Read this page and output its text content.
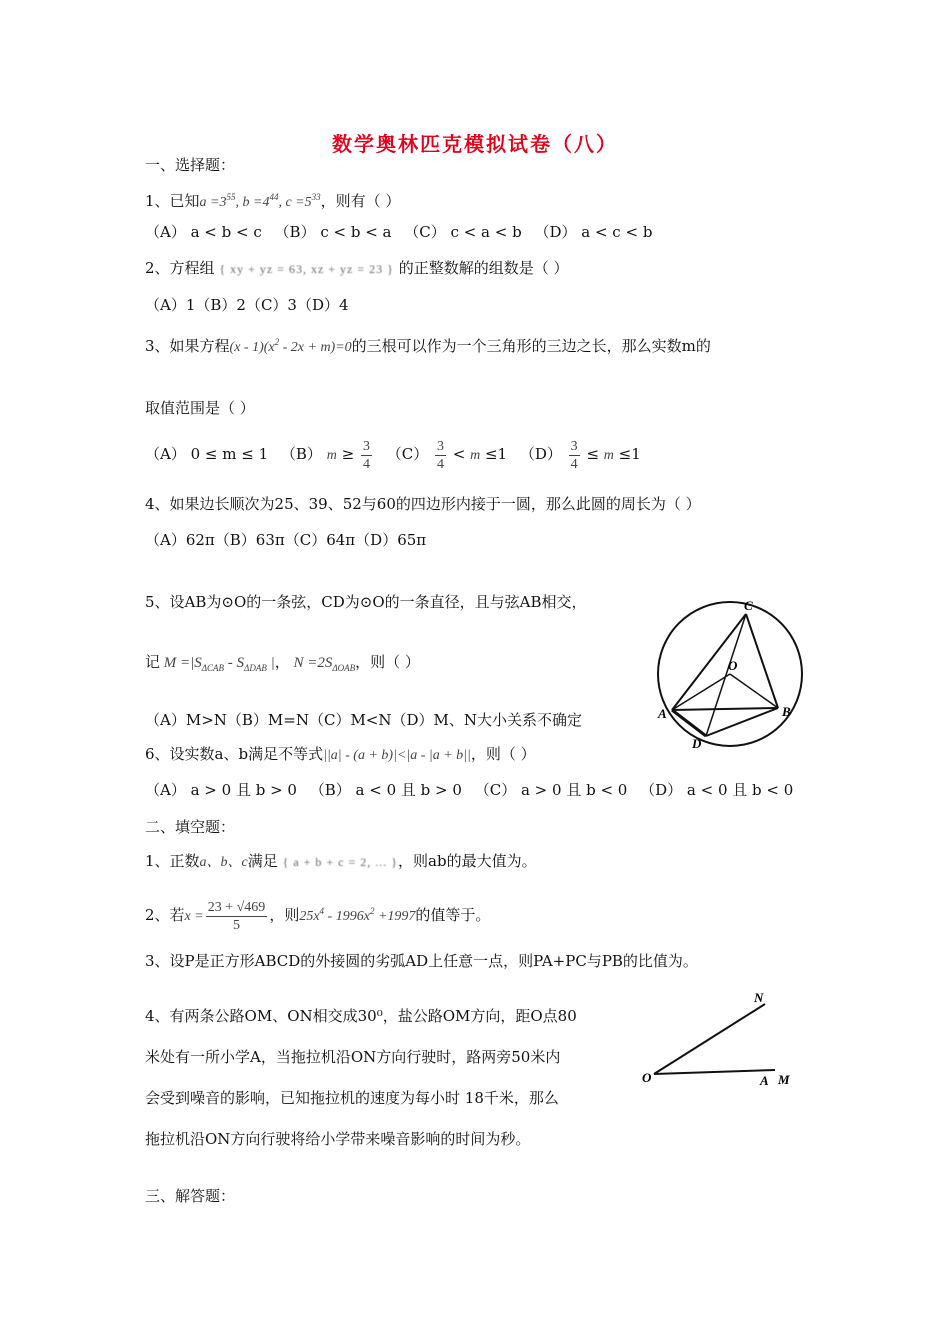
数学奥林匹克模拟试卷（八）
一、选择题：
1、已知$a =3^{55}$, $b =4^{44}$, $c =5^{33}$，则有（ ）
（A） a < b < c （B） c < b < a （C） c < a < b （D） a < c < b
2、方程组 { xy + yz = 63, xz + yz = 23 } 的正整数解的组数是（ ）
（A）1（B）2（C）3（D）4
3、如果方程$(x - 1)(x^2 - 2x + m)=0$的三根可以作为一个三角形的三边之长，那么实数m的
取值范围是（ ）
（A） 0 ≤ m ≤ 1 （B） $m \ge \frac{3}{4} (C) \frac{3}{4} < m \le 1$ $(D) \frac{3}{4} \le m \le 1$
4、如果边长顺次为25、39、52与60的四边形内接于一圆，那么此圆的周长为（ ）
（A）62π（B）63π（C）64π（D）65π
5、设AB为⊙O的一条弦，CD为⊙O的一条直径，且与弦AB相交，
记 $M =|S_{\Delta CAB} - S_{\Delta DAB}$ |， $N =2S_{\Delta OAB}$，则（ ）
（A）M>N（B）M=N（C）M<N（D）M、N大小关系不确定
6、设实数a、b满足不等式||a| - (a + b)|<|a - |a + b||，则（ ）
（A） a > 0 且 b > 0 （B） a < 0 且 b > 0 （C） a > 0 且 b < 0 （D） a < 0 且 b < 0
二、填空题：
1、正数a、b、c满足 { a + b + c = 2, ... }，则ab的最大值为。
2、若$x = \frac{23 + √469}{5}$ ，则$25x^4 - 1996x^2 +1997$的值等于。
3、设P是正方形ABCD的外接圆的劣弧AD上任意一点，则PA+PC与PB的比值为。
4、有两条公路OM、ON相交成30⁰，盐公路OM方向，距O点80
米处有一所小学A，当拖拉机沿ON方向行驶时，路两旁50米内
会受到噪音的影响，已知拖拉机的速度为每小时 18千米，那么
拖拉机沿ON方向行驶将给小学带来噪音影响的时间为秒。
三、解答题：
C
O
A	B
D
N
O	A M
